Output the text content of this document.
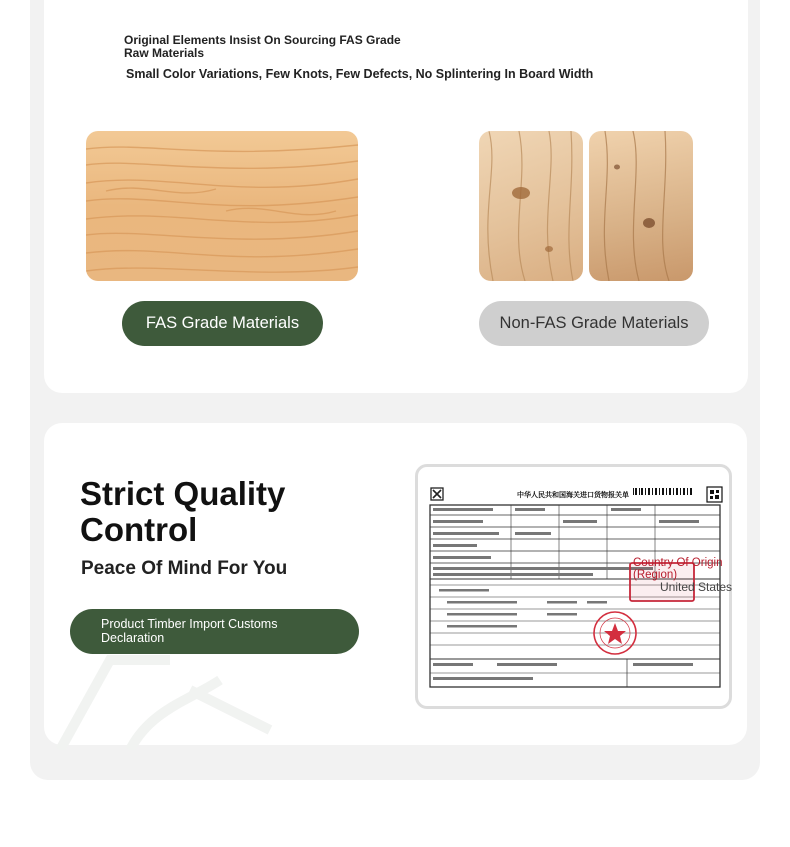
Original Elements Insist On Sourcing FAS Grade Raw Materials
Small Color Variations, Few Knots, Few Defects, No Splintering In Board Width
FAS Grade Materials	Non-FAS Grade Materials
Strict Quality Control
Peace Of Mind For You
Product Timber Import Customs Declaration
中华人民共和国海关进口货物报关单
Country Of Origin (Region)
United States
